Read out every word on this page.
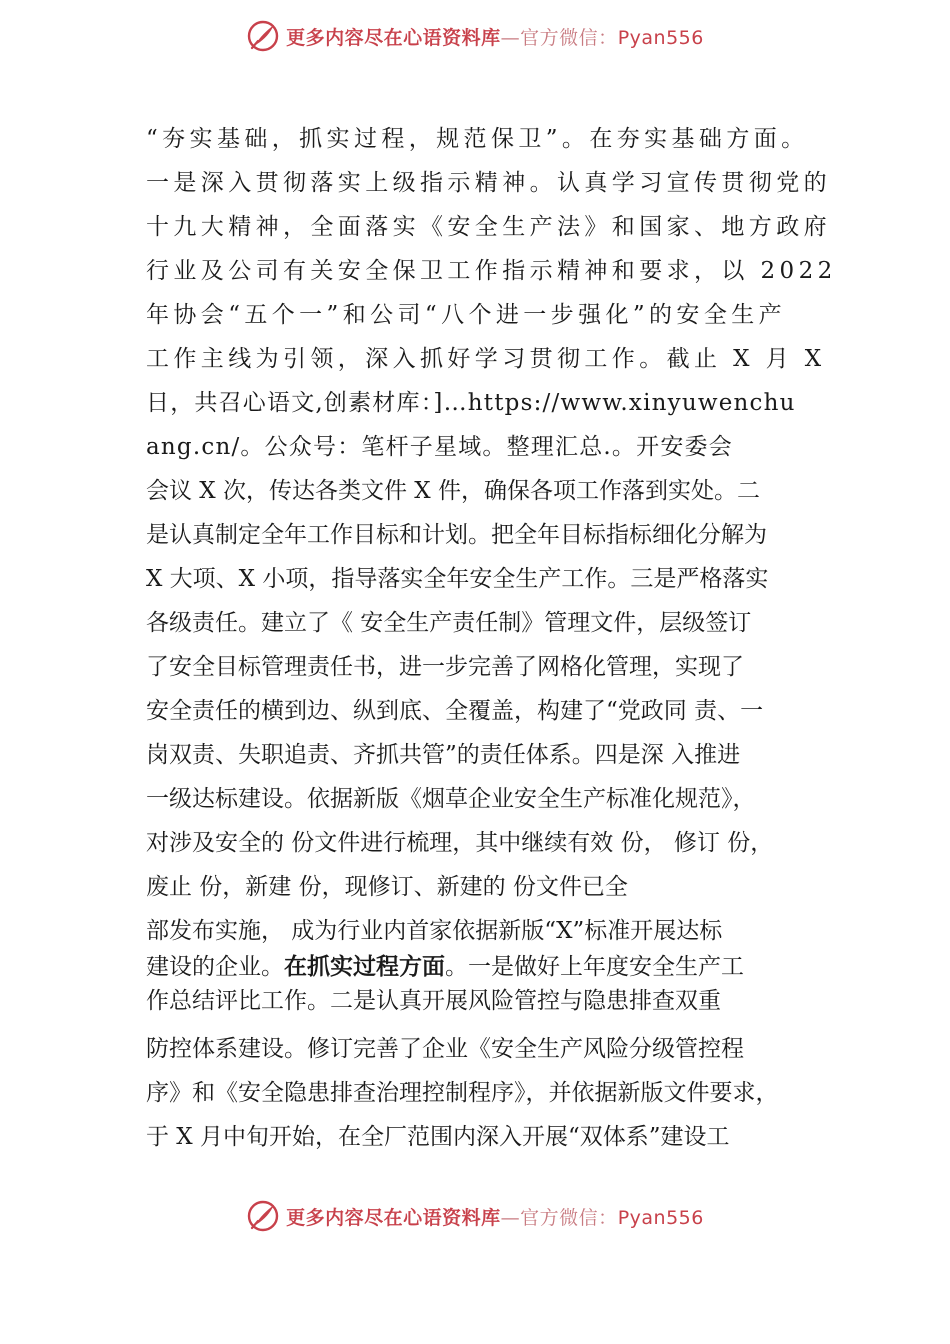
更多内容尽在心语资料库—官方微信：Pyan556
“夯实基础，抓实过程，规范保卫”。在夯实基础方面。
一是深入贯彻落实上级指示精神。认真学习宣传贯彻党的
十九大精神，全面落实《安全生产法》和国家、地方政府
行业及公司有关安全保卫工作指示精神和要求，以 2022
年协会“五个一”和公司“八个进一步强化”的安全生产
工作主线为引领，深入抓好学习贯彻工作。截止 X 月 X
日，共召心语文,创素材库：]…https://www.xinyuwenchu
ang.cn/。公众号：笔杆子星域。整理汇总.。开安委会
会议 X 次，传达各类文件 X 件，确保各项工作落到实处。二
是认真制定全年工作目标和计划。把全年目标指标细化分解为
X 大项、X 小项，指导落实全年安全生产工作。三是严格落实
各级责任。建立了《 安全生产责任制》管理文件，层级签订
了安全目标管理责任书，进一步完善了网格化管理，实现了
安全责任的横到边、纵到底、全覆盖，构建了“党政同 责、一
岗双责、失职追责、齐抓共管”的责任体系。四是深 入推进
一级达标建设。依据新版《烟草企业安全生产标准化规范》，
对涉及安全的 份文件进行梳理，其中继续有效 份， 修订 份，
废止 份，新建 份，现修订、新建的 份文件已全
部发布实施， 成为行业内首家依据新版“X”标准开展达标
建设的企业。在抓实过程方面。一是做好上年度安全生产工
作总结评比工作。二是认真开展风险管控与隐患排查双重
防控体系建设。修订完善了企业《安全生产风险分级管控程
序》和《安全隐患排查治理控制程序》，并依据新版文件要求，
于 X 月中旬开始，在全厂范围内深入开展“双体系”建设工
更多内容尽在心语资料库—官方微信：Pyan556
